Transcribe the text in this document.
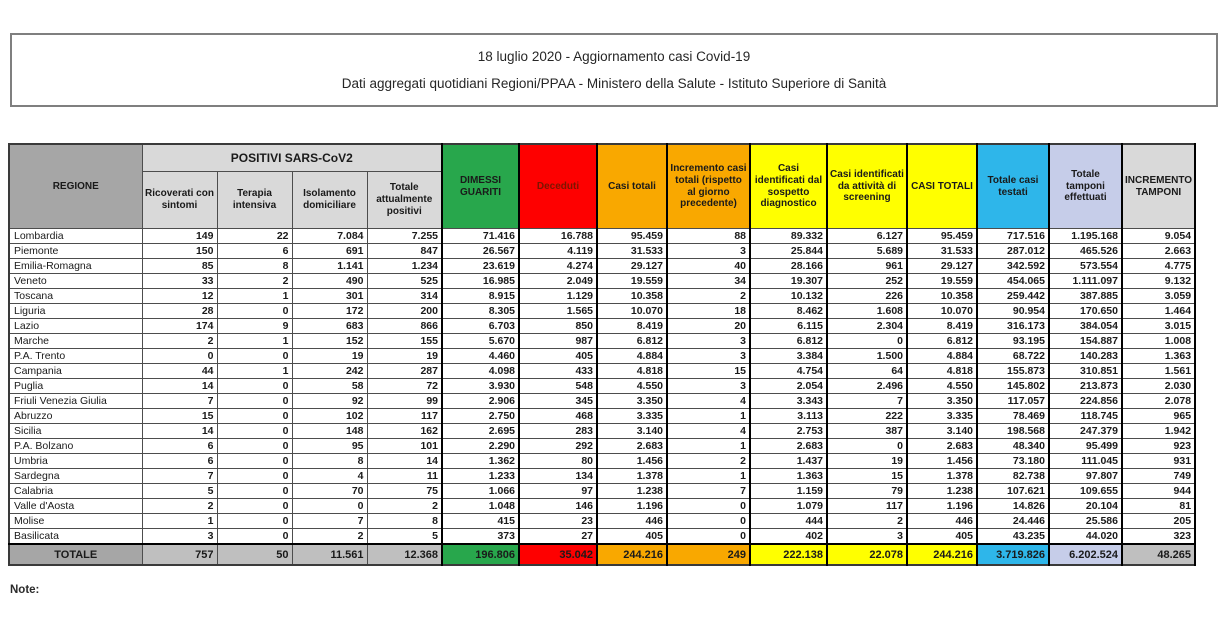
18 luglio 2020 - Aggiornamento casi Covid-19

Dati aggregati quotidiani Regioni/PPAA - Ministero della Salute - Istituto Superiore di Sanità

REGIONE	POSITIVI SARS-CoV2				DIMESSI GUARITI	Deceduti	Casi totali	Incremento casi totali (rispetto al giorno precedente)	Casi identificati dal sospetto diagnostico	Casi identificati da attività di screening	CASI TOTALI	Totale casi testati	Totale tamponi effettuati	INCREMENTO TAMPONI
	Ricoverati con sintomi	Terapia intensiva	Isolamento domiciliare	Totale attualmente positivi										
Lombardia	149	22	7.084	7.255	71.416	16.788	95.459	88	89.332	6.127	95.459	717.516	1.195.168	9.054
Piemonte	150	6	691	847	26.567	4.119	31.533	3	25.844	5.689	31.533	287.012	465.526	2.663
Emilia-Romagna	85	8	1.141	1.234	23.619	4.274	29.127	40	28.166	961	29.127	342.592	573.554	4.775
Veneto	33	2	490	525	16.985	2.049	19.559	34	19.307	252	19.559	454.065	1.111.097	9.132
Toscana	12	1	301	314	8.915	1.129	10.358	2	10.132	226	10.358	259.442	387.885	3.059
Liguria	28	0	172	200	8.305	1.565	10.070	18	8.462	1.608	10.070	90.954	170.650	1.464
Lazio	174	9	683	866	6.703	850	8.419	20	6.115	2.304	8.419	316.173	384.054	3.015
Marche	2	1	152	155	5.670	987	6.812	3	6.812	0	6.812	93.195	154.887	1.008
P.A. Trento	0	0	19	19	4.460	405	4.884	3	3.384	1.500	4.884	68.722	140.283	1.363
Campania	44	1	242	287	4.098	433	4.818	15	4.754	64	4.818	155.873	310.851	1.561
Puglia	14	0	58	72	3.930	548	4.550	3	2.054	2.496	4.550	145.802	213.873	2.030
Friuli Venezia Giulia	7	0	92	99	2.906	345	3.350	4	3.343	7	3.350	117.057	224.856	2.078
Abruzzo	15	0	102	117	2.750	468	3.335	1	3.113	222	3.335	78.469	118.745	965
Sicilia	14	0	148	162	2.695	283	3.140	4	2.753	387	3.140	198.568	247.379	1.942
P.A. Bolzano	6	0	95	101	2.290	292	2.683	1	2.683	0	2.683	48.340	95.499	923
Umbria	6	0	8	14	1.362	80	1.456	2	1.437	19	1.456	73.180	111.045	931
Sardegna	7	0	4	11	1.233	134	1.378	1	1.363	15	1.378	82.738	97.807	749
Calabria	5	0	70	75	1.066	97	1.238	7	1.159	79	1.238	107.621	109.655	944
Valle d'Aosta	2	0	0	2	1.048	146	1.196	0	1.079	117	1.196	14.826	20.104	81
Molise	1	0	7	8	415	23	446	0	444	2	446	24.446	25.586	205
Basilicata	3	0	2	5	373	27	405	0	402	3	405	43.235	44.020	323
TOTALE	757	50	11.561	12.368	196.806	35.042	244.216	249	222.138	22.078	244.216	3.719.826	6.202.524	48.265
Note:
